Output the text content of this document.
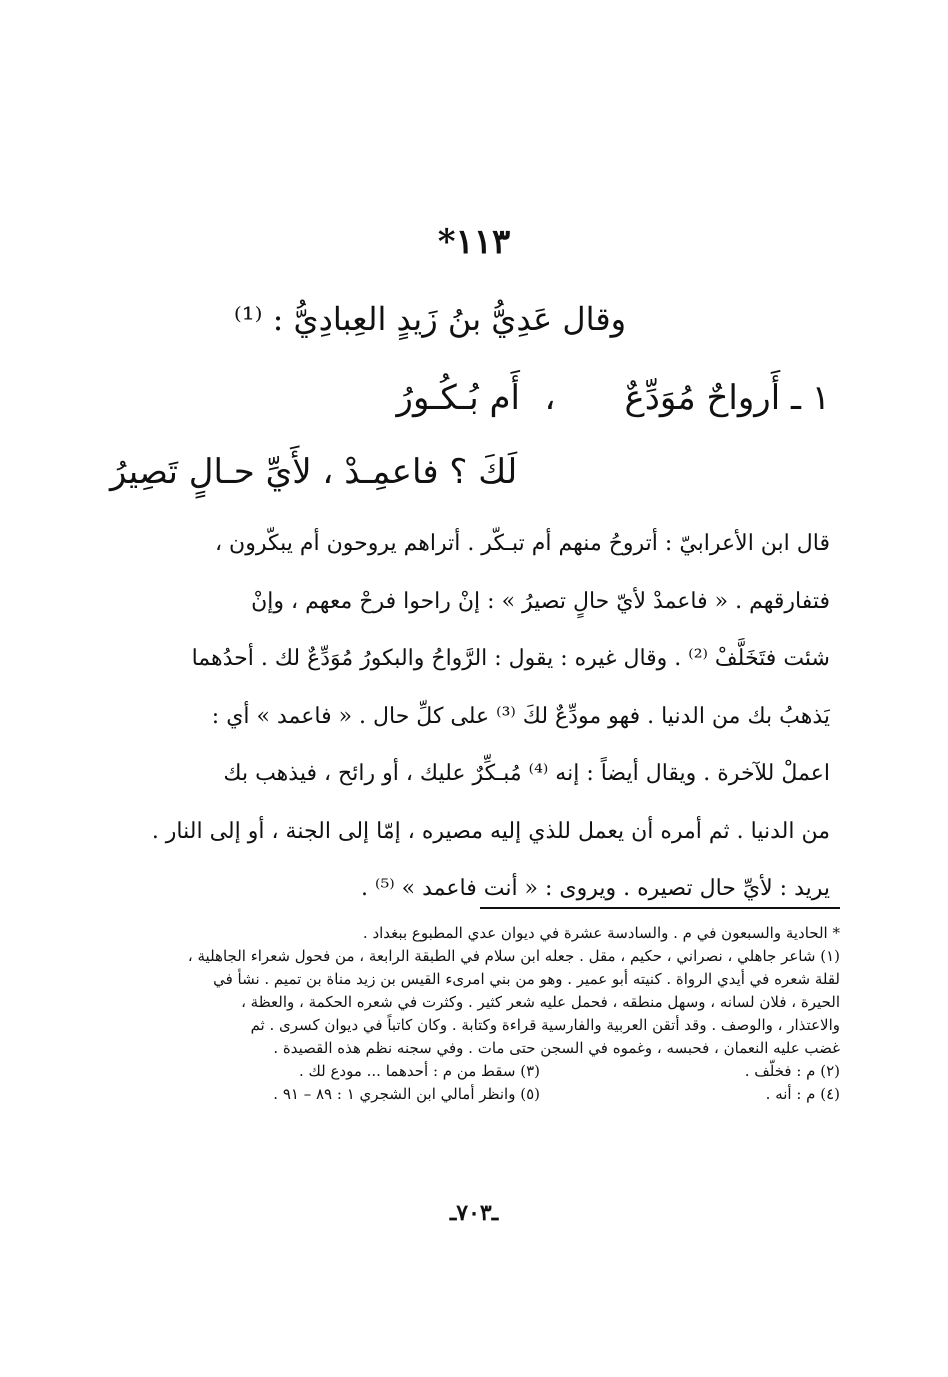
١١٣*
وقال عَدِيُّ بنُ زَيدٍ العِبادِيُّ : ⁽¹⁾
١ ـ أَرواحٌ مُوَدِّعٌ،أَم بُـكُـورُ
لَكَ ؟ فاعمِـدْ ، لأَيِّ حـالٍ تَصِيرُ
قال ابن الأعرابيّ : أتروحُ منهم أم تبـكّر . أتراهم يروحون أم يبكّرون ،
فتفارقهم . « فاعمدْ لأيّ حالٍ تصيرُ » : إنْ راحوا فرحْ معهم ، وإنْ
شئت فتَخَلَّفْ ⁽²⁾ . وقال غيره : يقول : الرَّواحُ والبكورُ مُوَدِّعٌ لك . أحدُهما
يَذهبُ بك من الدنيا . فهو مودِّعٌ لكَ ⁽³⁾ على كلِّ حال . « فاعمد » أي :
اعملْ للآخرة . ويقال أيضاً : إنه ⁽⁴⁾ مُبـكِّرٌ عليك ، أو رائح ، فيذهب بك
من الدنيا . ثم أمره أن يعمل للذي إليه مصيره ، إمّا إلى الجنة ، أو إلى النار .
يريد : لأيِّ حال تصيره . ويروى : « أنت فاعمد » ⁽⁵⁾ .
* الحادية والسبعون في م . والسادسة عشرة في ديوان عدي المطبوع ببغداد .
(١) شاعر جاهلي ، نصراني ، حكيم ، مقل . جعله ابن سلام في الطبقة الرابعة ، من فحول شعراء الجاهلية ،
لقلة شعره في أيدي الرواة . كنيته أبو عمير . وهو من بني امرىء القيس بن زيد مناة بن تميم . نشأ في
الحيرة ، فلان لسانه ، وسهل منطقه ، فحمل عليه شعر كثير . وكثرت في شعره الحكمة ، والعظة ،
والاعتذار ، والوصف . وقد أتقن العربية والفارسية قراءة وكتابة . وكان كاتباً في ديوان كسرى . ثم
غضب عليه النعمان ، فحبسه ، وغموه في السجن حتى مات . وفي سجنه نظم هذه القصيدة .
(٢) م : فخلّف .(٣) سقط من م : أحدهما ... مودع لك .
(٤) م : أنه .(٥) وانظر أمالي ابن الشجري ١ : ٨٩ – ٩١ .
ـ٧٠٣ـ
